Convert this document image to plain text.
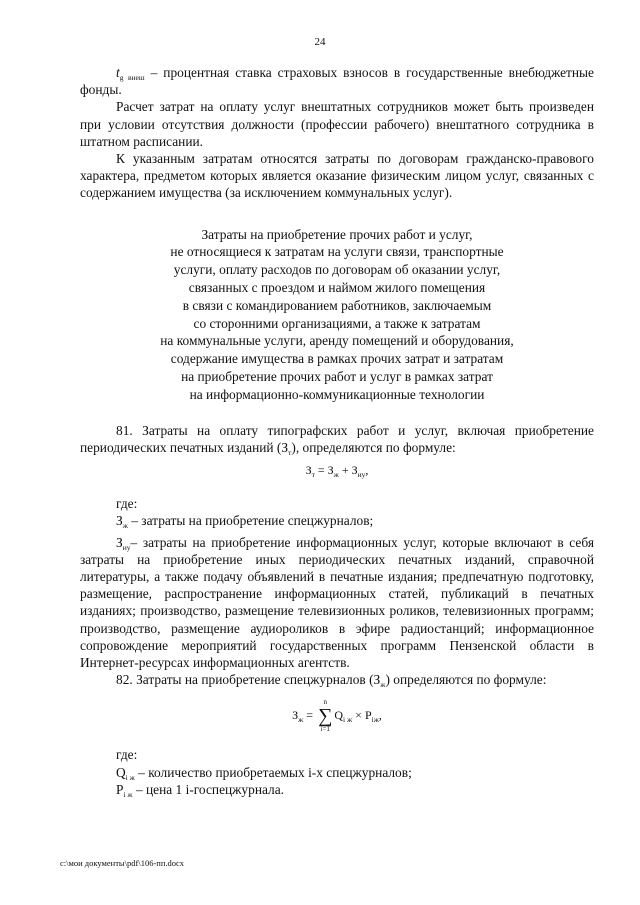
24

$t_{g внеш}$ – процентная ставка страховых взносов в государственные внебюджетные фонды.

Расчет затрат на оплату услуг внештатных сотрудников может быть произведен при условии отсутствия должности (профессии рабочего) внештатного сотрудника в штатном расписании.

К указанным затратам относятся затраты по договорам гражданско-правового характера, предметом которых является оказание физическим лицом услуг, связанных с содержанием имущества (за исключением коммунальных услуг).

Затраты на приобретение прочих работ и услуг,
не относящиеся к затратам на услуги связи, транспортные
услуги, оплату расходов по договорам об оказании услуг,
связанных с проездом и наймом жилого помещения
в связи с командированием работников, заключаемым
со сторонними организациями, а также к затратам
на коммунальные услуги, аренду помещений и оборудования,
содержание имущества в рамках прочих затрат и затратам
на приобретение прочих работ и услуг в рамках затрат
на информационно-коммуникационные технологии

81. Затраты на оплату типографских работ и услуг, включая приобретение периодических печатных изданий $(З_т)$, определяются по формуле:

$З_т = З_ж + З_{иу}$,

где:

$З_ж$ – затраты на приобретение спецжурналов;

$З_{иу}-$ затраты на приобретение информационных услуг, которые включают в себя затраты на приобретение иных периодических печатных изданий, справочной литературы, а также подачу объявлений в печатные издания; предпечатную подготовку, размещение, распространение информационных статей, публикаций в печатных изданиях; производство, размещение телевизионных роликов, телевизионных программ; производство, размещение аудиороликов в эфире радиостанций; информационное сопровождение мероприятий государственных программ Пензенской области в Интернет-ресурсах информационных агентств.

82. Затраты на приобретение спецжурналов $(З_ж)$ определяются по формуле:

$З_ж$ =
n
∑
i=1
$Q_{i ж} \times P_{iж}$,

где:

$Q_{i ж}$ – количество приобретаемых i-х спецжурналов;

$P_{i ж}$ – цена 1 i-госпецжурнала.

c:\мои документы\pdf\106-пп.docx
